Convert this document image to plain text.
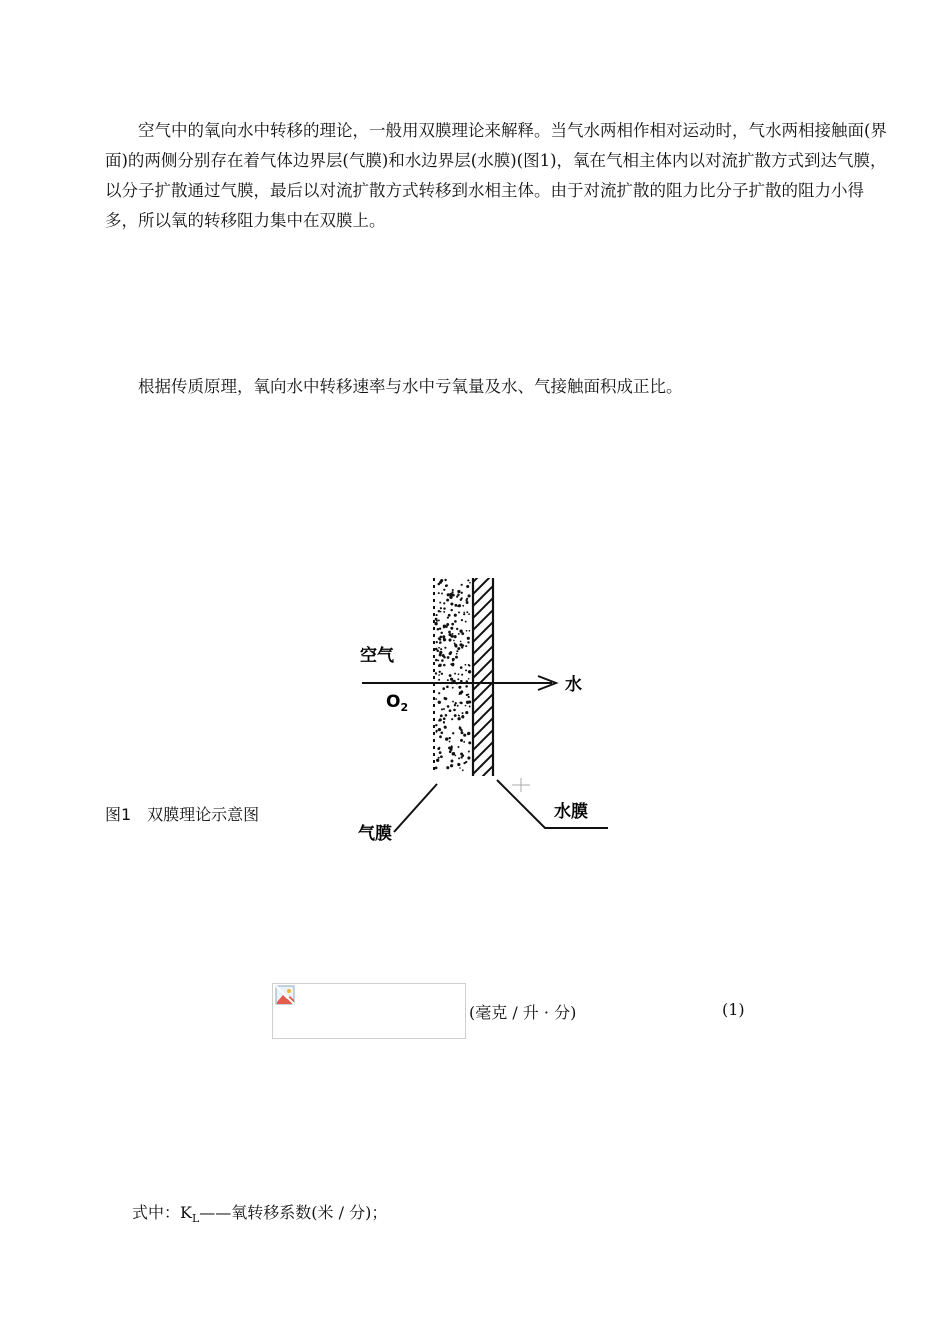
空气中的氧向水中转移的理论，一般用双膜理论来解释。当气水两相作相对运动时，气水两相接触面(界面)的两侧分别存在着气体边界层(气膜)和水边界层(水膜)(图1)，氧在气相主体内以对流扩散方式到达气膜，以分子扩散通过气膜，最后以对流扩散方式转移到水相主体。由于对流扩散的阻力比分子扩散的阻力小得多，所以氧的转移阻力集中在双膜上。

根据传质原理，氧向水中转移速率与水中亏氧量及水、气接触面积成正比。

图1　双膜理论示意图
空气
$O_2$
水
气膜
水膜
(毫克 / 升 · 分)	(1)
式中：$K_L——$氧转移系数(米 / 分)；
